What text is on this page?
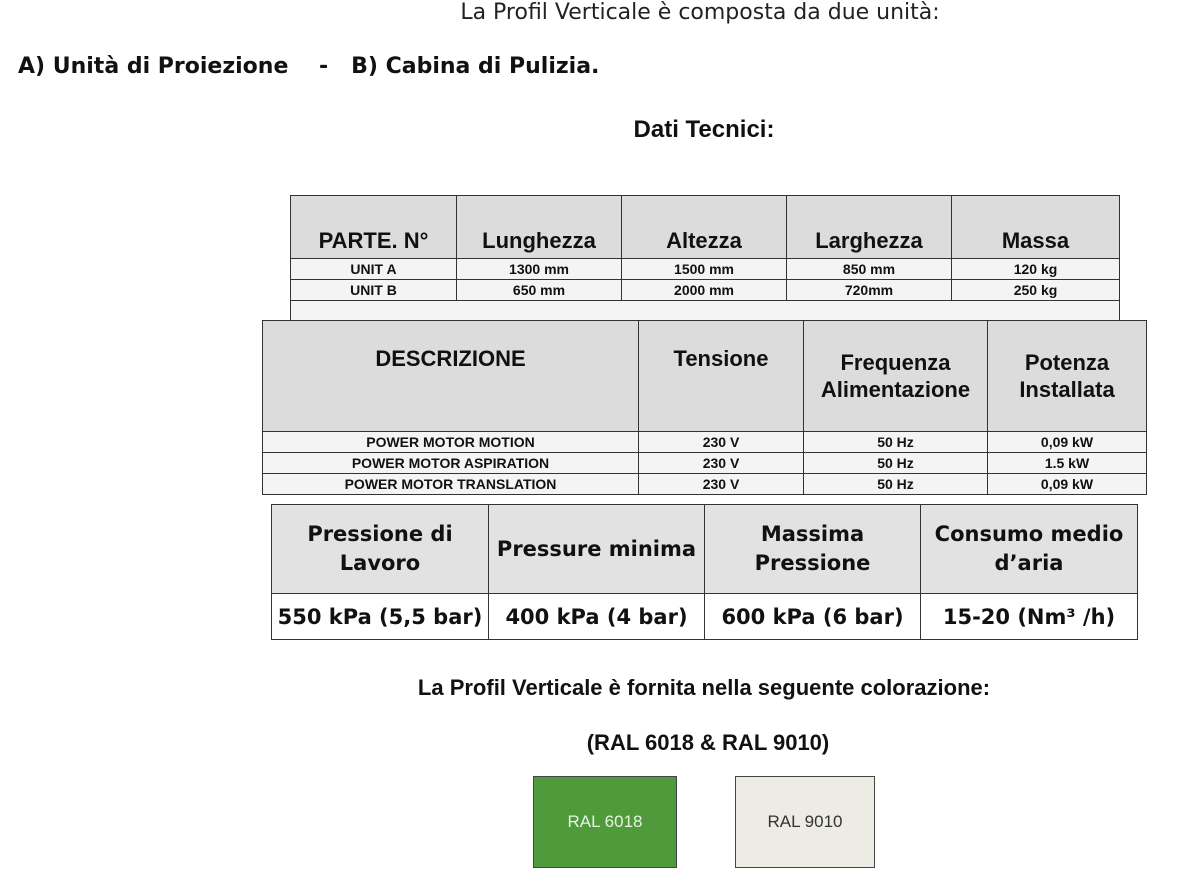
La Profil Verticale è composta da due unità:
A) Unità di Proiezione    -   B) Cabina di Pulizia.
Dati Tecnici:
PARTE. N°	Lunghezza	Altezza	Larghezza	Massa
UNIT A	1300 mm	1500 mm	850 mm	120 kg
UNIT B	650 mm	2000 mm	720mm	250 kg

DESCRIZIONE	Tensione	Frequenza Alimentazione	Potenza Installata
POWER MOTOR MOTION	230 V	50 Hz	0,09 kW
POWER MOTOR ASPIRATION	230 V	50 Hz	1.5 kW
POWER MOTOR TRANSLATION	230 V	50 Hz	0,09 kW
Pressione di Lavoro	Pressure minima	Massima Pressione	Consumo medio d’aria
550 kPa (5,5 bar)	400 kPa (4 bar)	600 kPa (6 bar)	15-20 (Nm³ /h)
La Profil Verticale è fornita nella seguente colorazione:
(RAL 6018 & RAL 9010)
RAL 6018	RAL 9010
